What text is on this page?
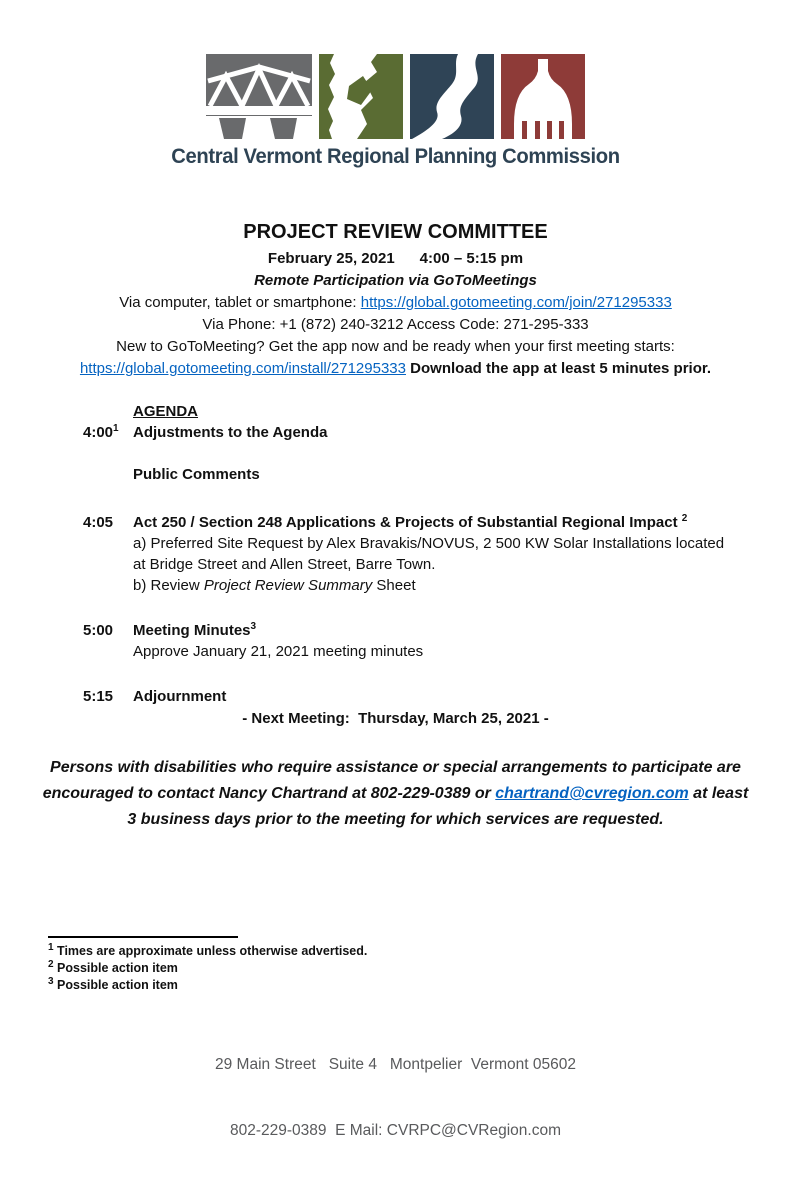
Central Vermont Regional Planning Commission
PROJECT REVIEW COMMITTEE
February 25, 2021      4:00 – 5:15 pm
Remote Participation via GoToMeetings
Via computer, tablet or smartphone: https://global.gotomeeting.com/join/271295333
Via Phone: +1 (872) 240-3212 Access Code: 271-295-333
New to GoToMeeting? Get the app now and be ready when your first meeting starts:
https://global.gotomeeting.com/install/271295333 Download the app at least 5 minutes prior.
AGENDA
$4:00^1$ Adjustments to the Agenda
Public Comments
4:05	Act 250 / Section 248 Applications & Projects of Substantial Regional Impact $^2$
a) Preferred Site Request by Alex Bravakis/NOVUS, 2 500 KW Solar Installations located at Bridge Street and Allen Street, Barre Town.
b) Review Project Review Summary Sheet
5:00	Meeting Minutes$^3$
Approve January 21, 2021 meeting minutes
5:15	Adjournment
- Next Meeting:  Thursday, March 25, 2021 -
Persons with disabilities who require assistance or special arrangements to participate are encouraged to contact Nancy Chartrand at 802-229-0389 or chartrand@cvregion.com at least 3 business days prior to the meeting for which services are requested.
$^1$ Times are approximate unless otherwise advertised.
$^2$ Possible action item
$^3$ Possible action item

29 Main Street   Suite 4   Montpelier  Vermont 05602

802-229-0389  E Mail: CVRPC@CVRegion.com
